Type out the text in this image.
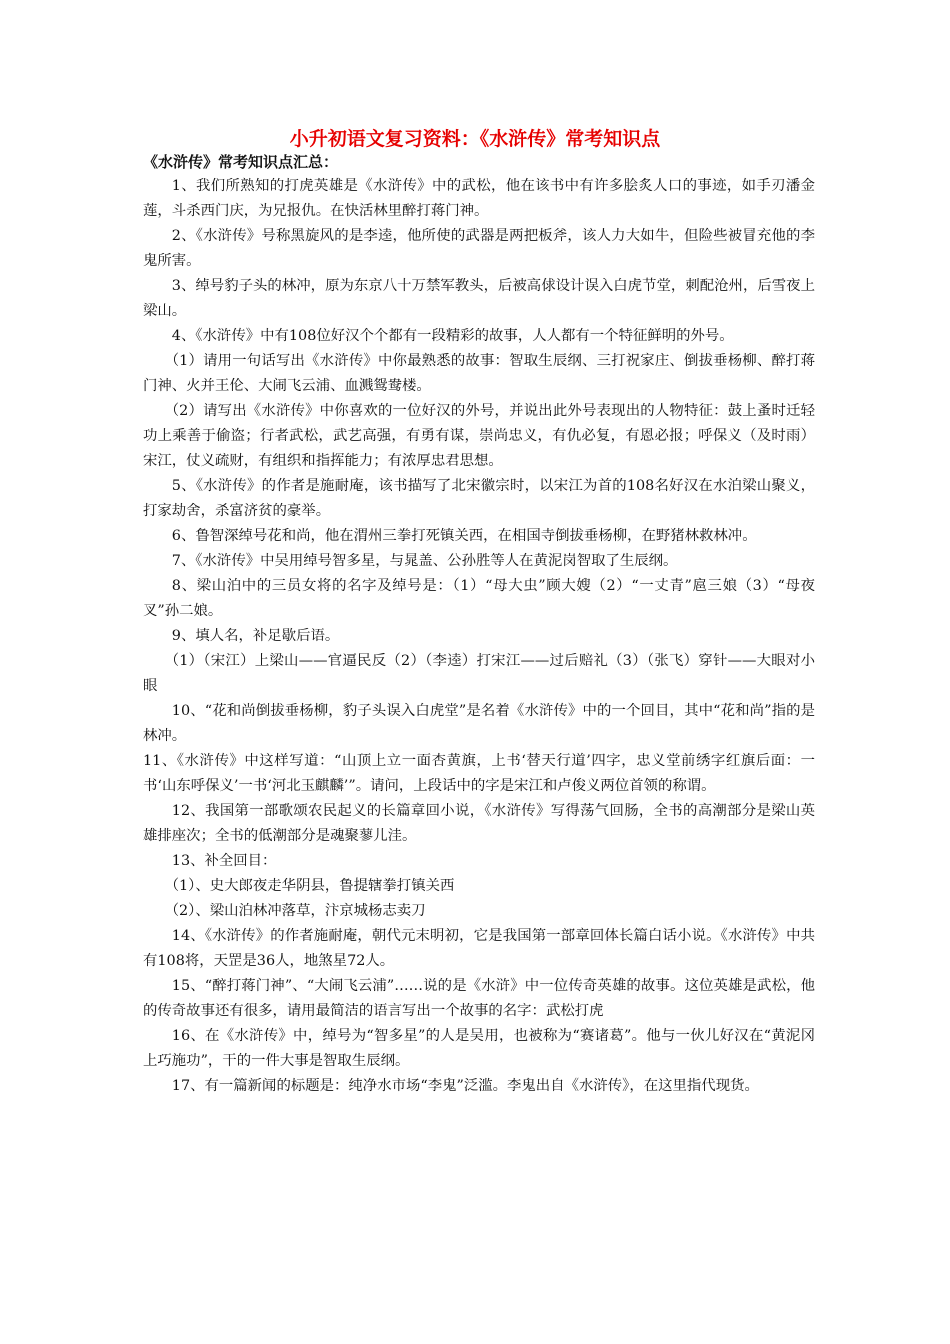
小升初语文复习资料：《水浒传》常考知识点
《水浒传》常考知识点汇总：

1、我们所熟知的打虎英雄是《水浒传》中的武松，他在该书中有许多脍炙人口的事迹，如手刃潘金莲，斗杀西门庆，为兄报仇。在快活林里醉打蒋门神。

2、《水浒传》号称黑旋风的是李逵，他所使的武器是两把板斧，该人力大如牛，但险些被冒充他的李鬼所害。

3、绰号豹子头的林冲，原为东京八十万禁军教头，后被高俅设计误入白虎节堂，刺配沧州，后雪夜上梁山。

4、《水浒传》中有108位好汉个个都有一段精彩的故事，人人都有一个特征鲜明的外号。

（1）请用一句话写出《水浒传》中你最熟悉的故事：智取生辰纲、三打祝家庄、倒拔垂杨柳、醉打蒋门神、火并王伦、大闹飞云浦、血溅鸳鸯楼。

（2）请写出《水浒传》中你喜欢的一位好汉的外号，并说出此外号表现出的人物特征：鼓上蚤时迁轻功上乘善于偷盗；行者武松，武艺高强，有勇有谋，崇尚忠义，有仇必复，有恩必报；呼保义（及时雨）宋江，仗义疏财，有组织和指挥能力；有浓厚忠君思想。

5、《水浒传》的作者是施耐庵，该书描写了北宋徽宗时，以宋江为首的108名好汉在水泊梁山聚义，打家劫舍，杀富济贫的豪举。

6、鲁智深绰号花和尚，他在渭州三拳打死镇关西，在相国寺倒拔垂杨柳，在野猪林救林冲。

7、《水浒传》中吴用绰号智多星，与晁盖、公孙胜等人在黄泥岗智取了生辰纲。

8、梁山泊中的三员女将的名字及绰号是：（1）“母大虫”顾大嫂（2）“一丈青”扈三娘（3）“母夜叉”孙二娘。

9、填人名，补足歇后语。

（1）（宋江）上梁山——官逼民反（2）（李逵）打宋江——过后赔礼（3）（张飞）穿针——大眼对小眼

10、“花和尚倒拔垂杨柳，豹子头误入白虎堂”是名着《水浒传》中的一个回目，其中“花和尚”指的是林冲。

11、《水浒传》中这样写道：“山顶上立一面杏黄旗，上书‘替天行道’四字，忠义堂前绣字红旗后面：一书‘山东呼保义’一书‘河北玉麒麟’”。请问，上段话中的字是宋江和卢俊义两位首领的称谓。

12、我国第一部歌颂农民起义的长篇章回小说，《水浒传》写得荡气回肠，全书的高潮部分是梁山英雄排座次；全书的低潮部分是魂聚蓼儿洼。

13、补全回目：

（1）、史大郎夜走华阴县，鲁提辖拳打镇关西

（2）、梁山泊林冲落草，汴京城杨志卖刀

14、《水浒传》的作者施耐庵，朝代元末明初，它是我国第一部章回体长篇白话小说。《水浒传》中共有108将，天罡是36人，地煞星72人。

15、“醉打蒋门神”、“大闹飞云浦”……说的是《水浒》中一位传奇英雄的故事。这位英雄是武松，他的传奇故事还有很多，请用最简洁的语言写出一个故事的名字：武松打虎

16、在《水浒传》中，绰号为“智多星”的人是吴用，也被称为“赛诸葛”。他与一伙儿好汉在“黄泥冈上巧施功”，干的一件大事是智取生辰纲。

17、有一篇新闻的标题是：纯净水市场“李鬼”泛滥。李鬼出自《水浒传》，在这里指代现货。
